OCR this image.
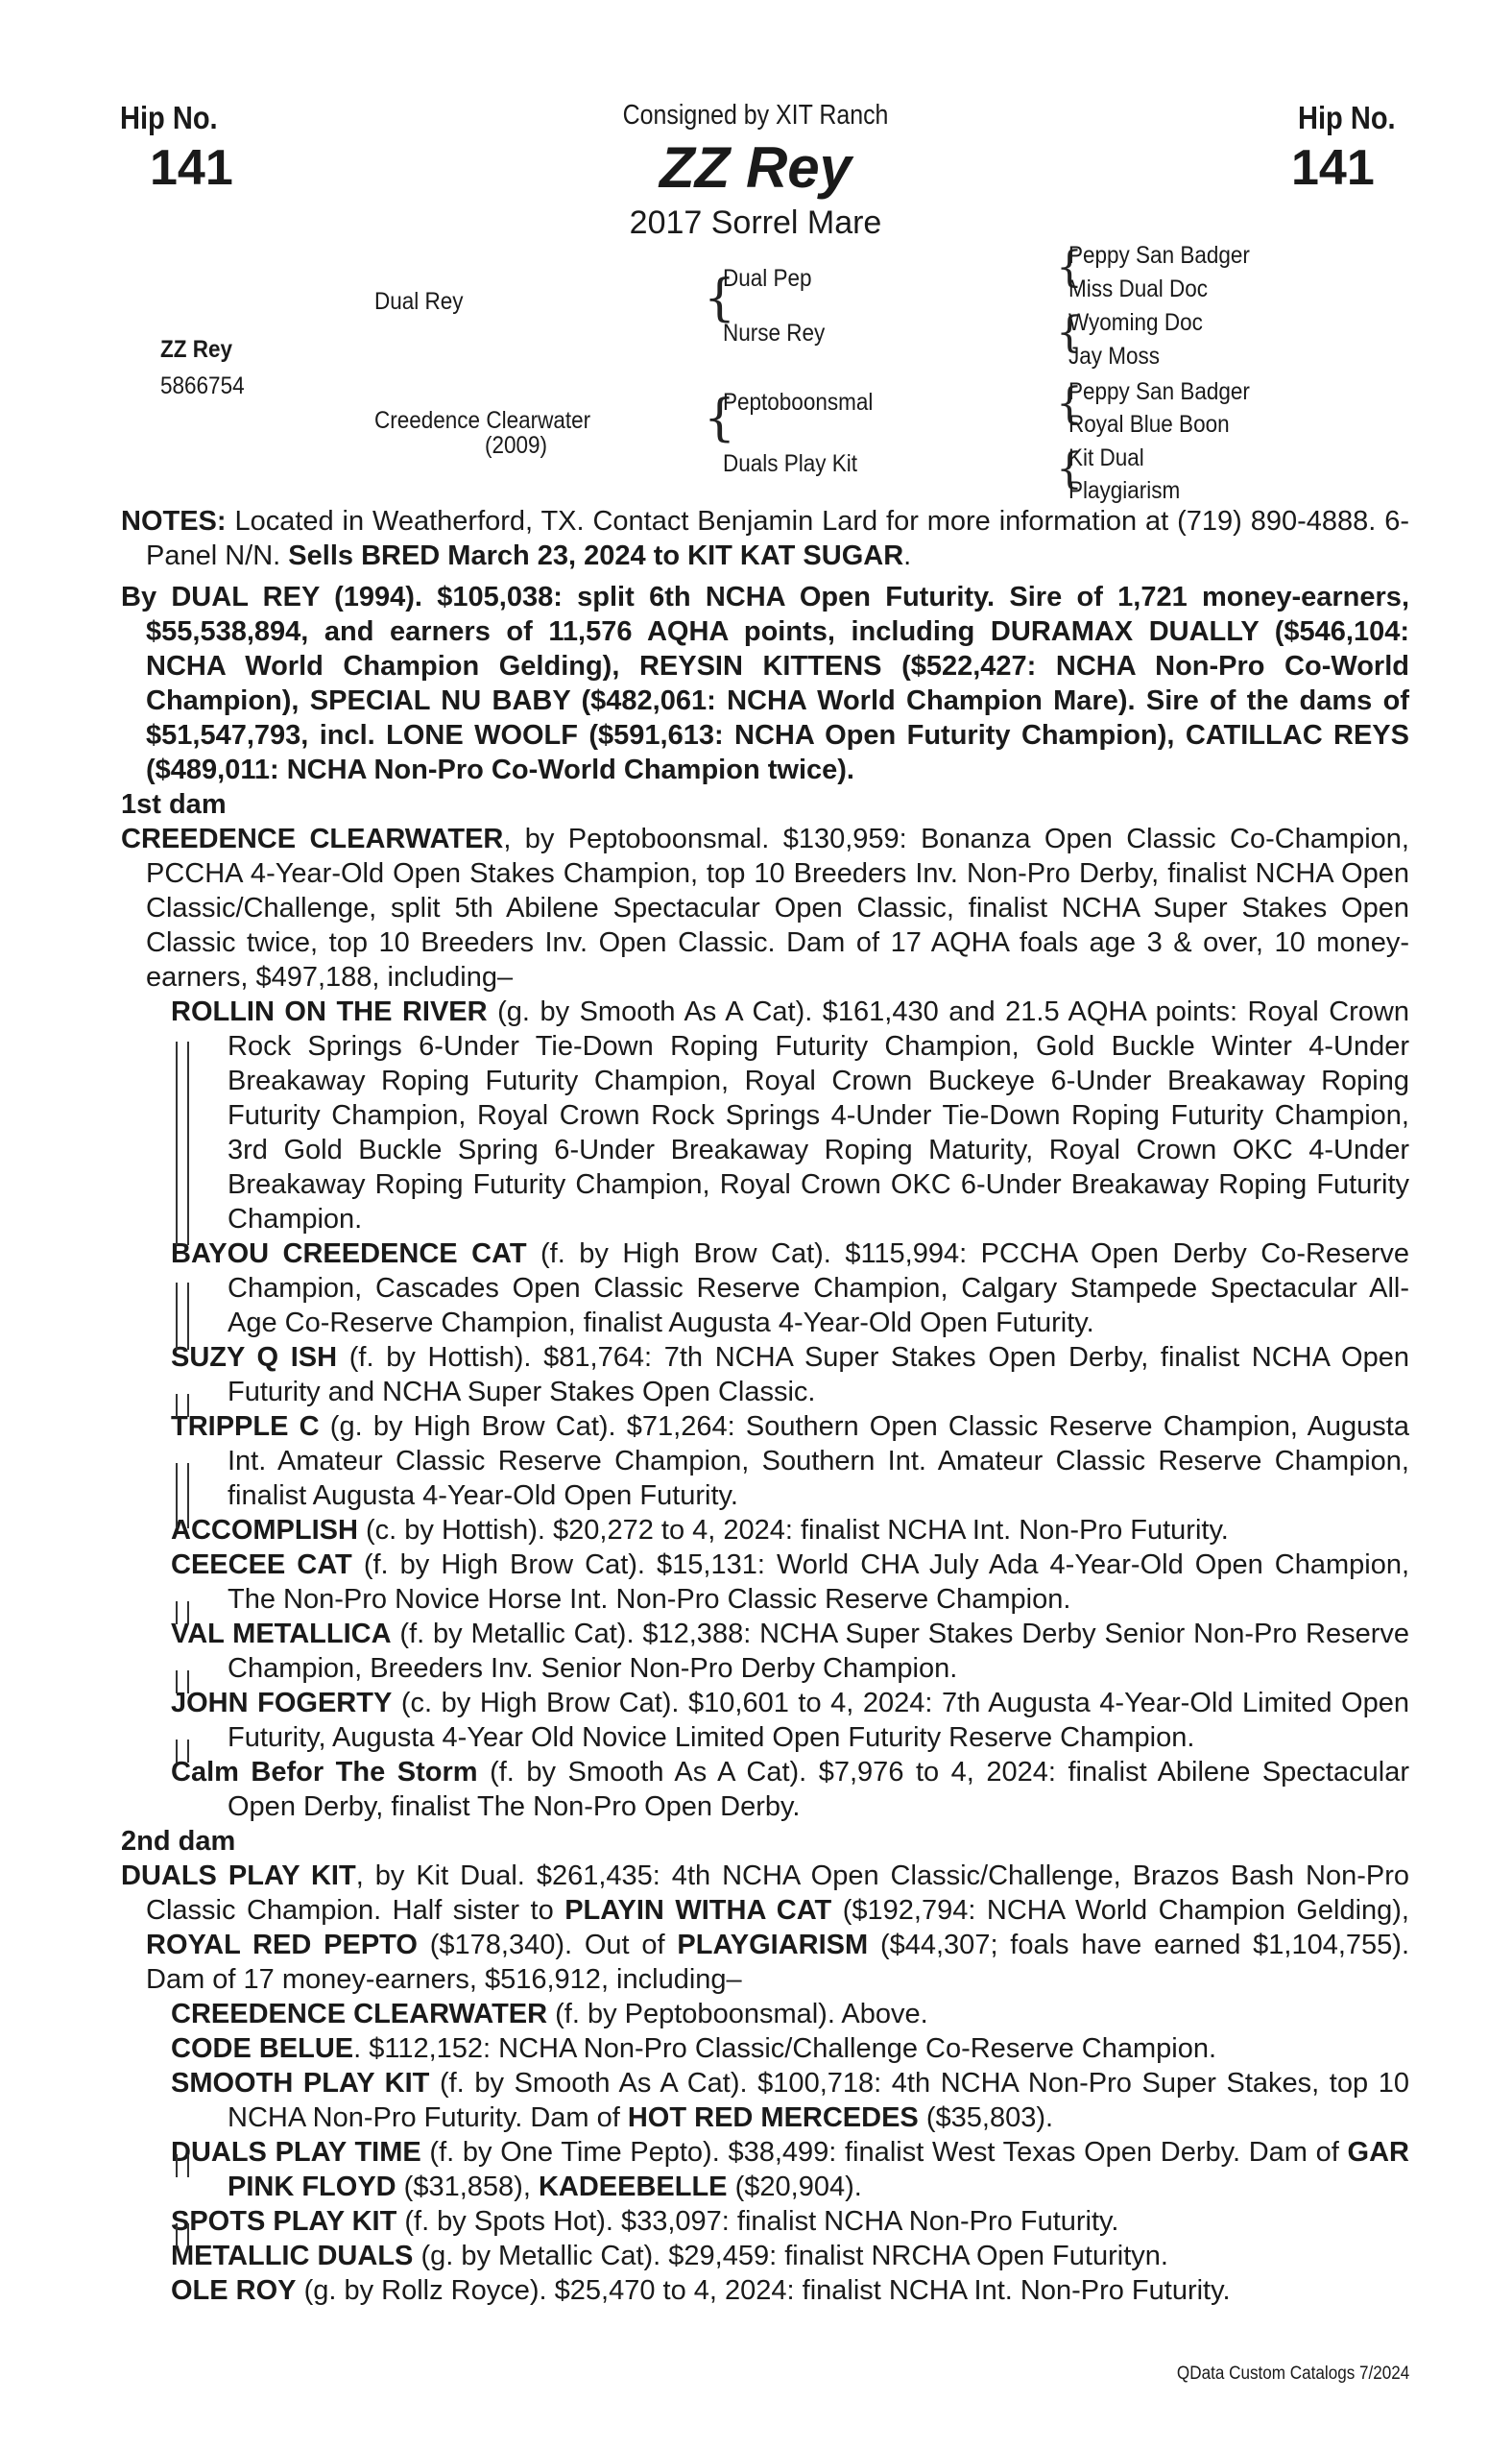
Hip No.
141
Hip No.
141
Consigned by XIT Ranch
ZZ Rey
2017 Sorrel Mare
ZZ Rey
5866754
Dual Rey
Creedence Clearwater
(2009)
{
Dual Pep
Nurse Rey
{
Peptoboonsmal
Duals Play Kit
{
Peppy San Badger
Miss Dual Doc
{
Wyoming Doc
Jay Moss
{
Peppy San Badger
Royal Blue Boon
{
Kit Dual
Playgiarism

NOTES: Located in Weatherford, TX. Contact Benjamin Lard for more information at (719) 890-4888. 6-Panel N/N. Sells BRED March 23, 2024 to KIT KAT SUGAR.

By DUAL REY (1994). $105,038: split 6th NCHA Open Futurity. Sire of 1,721 money-earners, $55,538,894, and earners of 11,576 AQHA points, including DURAMAX DUALLY ($546,104: NCHA World Champion Gelding), REYSIN KITTENS ($522,427: NCHA Non-Pro Co-World Champion), SPECIAL NU BABY ($482,061: NCHA World Champion Mare). Sire of the dams of $51,547,793, incl. LONE WOOLF ($591,613: NCHA Open Futurity Champion), CATILLAC REYS ($489,011: NCHA Non-Pro Co-World Champion twice).

1st dam

CREEDENCE CLEARWATER, by Peptoboonsmal. $130,959: Bonanza Open Classic Co-Champion, PCCHA 4-Year-Old Open Stakes Champion, top 10 Breeders Inv. Non-Pro Derby, finalist NCHA Open Classic/Challenge, split 5th Abilene Spectacular Open Classic, finalist NCHA Super Stakes Open Classic twice, top 10 Breeders Inv. Open Classic. Dam of 17 AQHA foals age 3 & over, 10 money-earners, $497,188, including–

ROLLIN ON THE RIVER (g. by Smooth As A Cat). $161,430 and 21.5 AQHA points: Royal Crown Rock Springs 6-Under Tie-Down Roping Futurity Champion, Gold Buckle Winter 4-Under Breakaway Roping Futurity Champion, Royal Crown Buckeye 6-Under Breakaway Roping Futurity Champion, Royal Crown Rock Springs 4-Under Tie-Down Roping Futurity Champion, 3rd Gold Buckle Spring 6-Under Breakaway Roping Maturity, Royal Crown OKC 4-Under Breakaway Roping Futurity Champion, Royal Crown OKC 6-Under Breakaway Roping Futurity Champion.
BAYOU CREEDENCE CAT (f. by High Brow Cat). $115,994: PCCHA Open Derby Co-Reserve Champion, Cascades Open Classic Reserve Champion, Calgary Stampede Spectacular All-Age Co-Reserve Champion, finalist Augusta 4-Year-Old Open Futurity.
SUZY Q ISH (f. by Hottish). $81,764: 7th NCHA Super Stakes Open Derby, finalist NCHA Open Futurity and NCHA Super Stakes Open Classic.
TRIPPLE C (g. by High Brow Cat). $71,264: Southern Open Classic Reserve Champion, Augusta Int. Amateur Classic Reserve Champion, Southern Int. Amateur Classic Reserve Champion, finalist Augusta 4-Year-Old Open Futurity.
ACCOMPLISH (c. by Hottish). $20,272 to 4, 2024: finalist NCHA Int. Non-Pro Futurity.
CEECEE CAT (f. by High Brow Cat). $15,131: World CHA July Ada 4-Year-Old Open Champion, The Non-Pro Novice Horse Int. Non-Pro Classic Reserve Champion.
VAL METALLICA (f. by Metallic Cat). $12,388: NCHA Super Stakes Derby Senior Non-Pro Reserve Champion, Breeders Inv. Senior Non-Pro Derby Champion.
JOHN FOGERTY (c. by High Brow Cat). $10,601 to 4, 2024: 7th Augusta 4-Year-Old Limited Open Futurity, Augusta 4-Year Old Novice Limited Open Futurity Reserve Champion.
Calm Befor The Storm (f. by Smooth As A Cat). $7,976 to 4, 2024: finalist Abilene Spectacular Open Derby, finalist The Non-Pro Open Derby.
2nd dam

DUALS PLAY KIT, by Kit Dual. $261,435: 4th NCHA Open Classic/Challenge, Brazos Bash Non-Pro Classic Champion. Half sister to PLAYIN WITHA CAT ($192,794: NCHA World Champion Gelding), ROYAL RED PEPTO ($178,340). Out of PLAYGIARISM ($44,307; foals have earned $1,104,755). Dam of 17 money-earners, $516,912, including–

CREEDENCE CLEARWATER (f. by Peptoboonsmal). Above.
CODE BELUE. $112,152: NCHA Non-Pro Classic/Challenge Co-Reserve Champion.
SMOOTH PLAY KIT (f. by Smooth As A Cat). $100,718: 4th NCHA Non-Pro Super Stakes, top 10 NCHA Non-Pro Futurity. Dam of HOT RED MERCEDES ($35,803).
DUALS PLAY TIME (f. by One Time Pepto). $38,499: finalist West Texas Open Derby. Dam of GAR PINK FLOYD ($31,858), KADEEBELLE ($20,904).
SPOTS PLAY KIT (f. by Spots Hot). $33,097: finalist NCHA Non-Pro Futurity.
METALLIC DUALS (g. by Metallic Cat). $29,459: finalist NRCHA Open Futurityn.
OLE ROY (g. by Rollz Royce). $25,470 to 4, 2024: finalist NCHA Int. Non-Pro Futurity.
QData Custom Catalogs 7/2024
